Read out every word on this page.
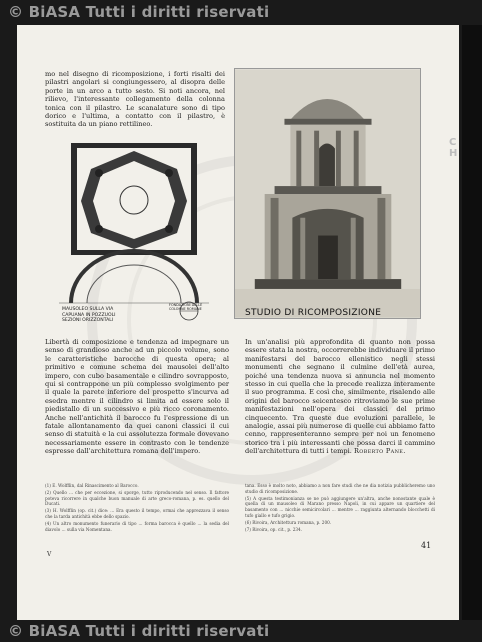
© BiASA Tutti i diritti riservati

mo nel disegno di ricomposizione, i forti risalti dei pilastri angolari si congiungessero, al disopra delle porte in un arco a tutto sesto. Si noti ancora, nel rilievo, l'interessante collegamento della colonna tonica con il pilastro. Le scanalature sono di tipo dorico e l'ultima, a contatto con il pilastro, è sostituita da un piano rettilineo.

MAUSOLEO SULLA VIA CAPUANA IN POZZUOLI SEZIONI ORIZZONTALI
FONDAZIONI DELLE COLONNE ROMANE	STUDIO DI RICOMPOSIZIONE

Libertà di composizione e tendenza ad impegnare un senso di grandioso anche ad un piccolo volume, sono le caratteristiche barocche di questa opera; al primitivo e comune schema dei mausolei dell'alto impero, con cubo basamentale e cilindro sovrapposto, qui si contrappone un più complesso svolgimento per il quale la parete inferiore del prospetto s'incurva ad esedra mentre il cilindro si limita ad essere solo il piedistallo di un successivo e più ricco coronamento. Anche nell'antichità il barocco fu l'espressione di un fatale allontanamento da quei canoni classici il cui senso di statuità e la cui assolutezza formale dovevano necessariamente essere in contrasto con le tendenze espresse dall'architettura romana dell'impero.

In un'analisi più approfondita di quanto non possa essere stata la nostra, occorrerebbe individuare il primo manifestarsi del barocco ellenistico negli stessi monumenti che segnano il culmine dell'età aurea, poiché una tendenza nuova si annuncia nel momento stesso in cui quella che la precede realizza interamente il suo programma. E così che, similmente, risalendo alle origini del barocco seicentesco ritroviamo le sue prime manifestazioni nell'opera dei classici del primo cinquecento. Tra queste due evoluzioni parallele, le analogie, assai più numerose di quelle cui abbiamo fatto cenno, rappresenteranno sempre per noi un fenomeno storico tra i più interessanti che possa darci il cammino dell'architettura di tutti i tempi. Roberto Pane.

(1) E. Wolfflin, dal Rinascimento al Barocco.

(2) Quello ... che per eccezione, si sporge, tutto riproducendo nel senso. Il fattore poteva ricorrere in qualche buon manuale di arte greco-romana, p. es. quello del Ducati.

(3) H. Wolfflin (op. cit.) dice: ... Era questo il tempo, ormai che apprezzava il senso che la tarda antichità ebbe dello spazio.

(4) Un altro monumento funerario di tipo ... forma barocca è quello ... la sedia del diavolo ... sulla via Nomentana.

tana. Esso è molto noto, abbiamo a non fare studi che ne dia notizia pubblicheremo uno studio di ricomposizione.

(5) A questa testimonianza se ne può aggiungere un'altra, anche nonostante quale è quella di un mausoleo di Marano presso Napoli, in cui appare un quartiere del basamento con ... nicchie semicircolari ... mentre ... raggiunta alternando blocchetti di tufo giallo e tufo grigio.

(6) Rivoira, Architettura romana, p. 200.

(7) Rivoira, op. cit., p. 234.

41
V
C H
© BiASA Tutti i diritti riservati
